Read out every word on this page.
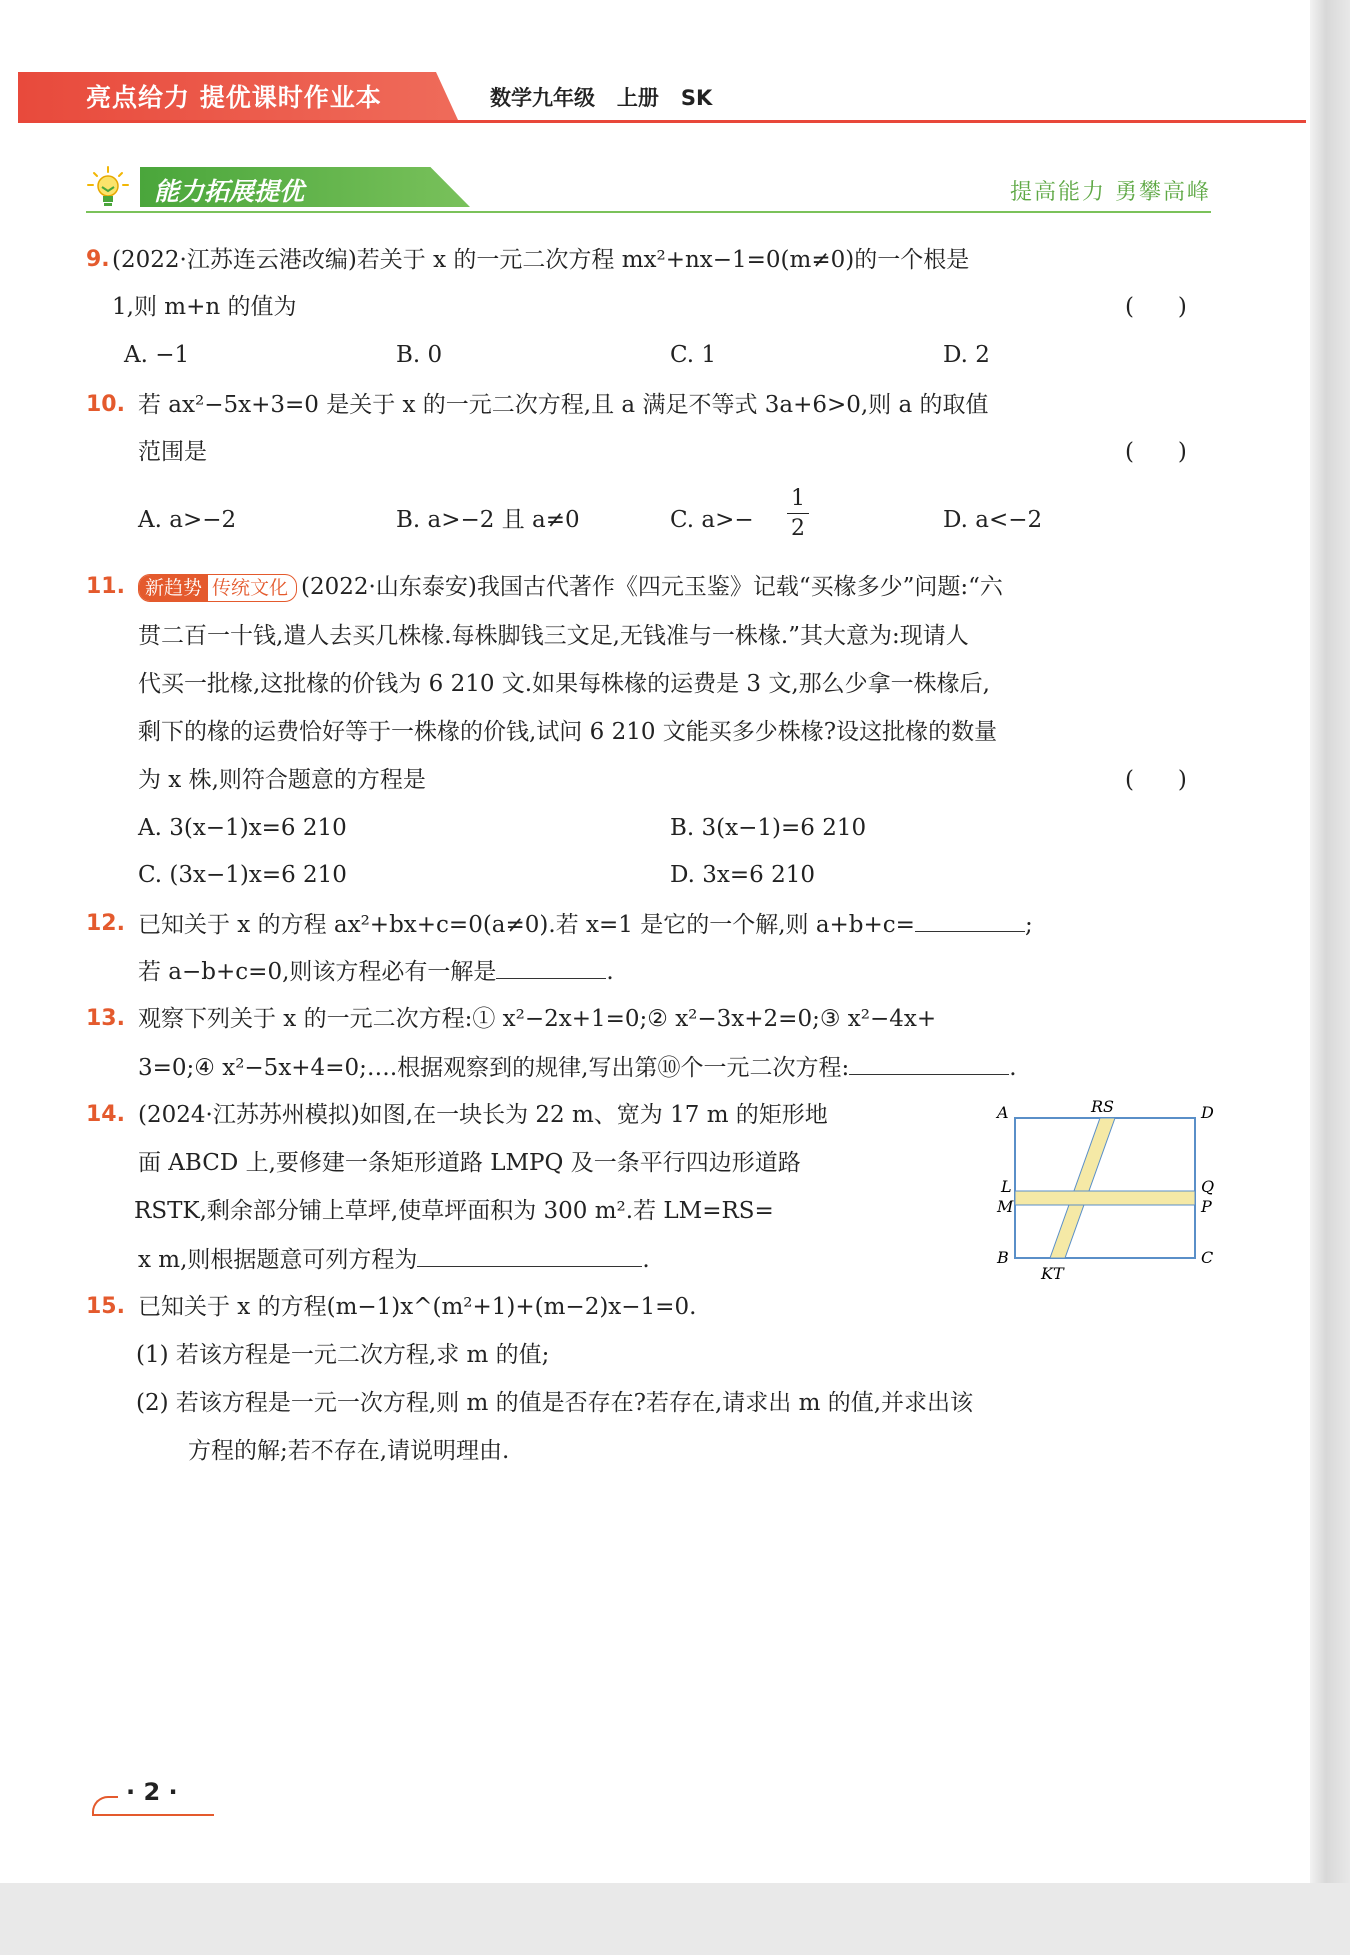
亮点给力 提优课时作业本	数学九年级   上册   SK
能力拓展提优	提高能力 勇攀高峰
9. (2022·江苏连云港改编)若关于 x 的一元二次方程 mx²+nx−1=0(m≠0)的一个根是
1,则 m+n 的值为	(      )
A. −1	B. 0	C. 1	D. 2
10. 若 ax²−5x+3=0 是关于 x 的一元二次方程,且 a 满足不等式 3a+6>0,则 a 的取值
范围是	(      )
A. a>−2	B. a>−2 且 a≠0	C. a>−
1
2	D. a<−2
11.	新趋势 传统文化 (2022·山东泰安)我国古代著作《四元玉鉴》记载“买椽多少”问题:“六
贯二百一十钱,遣人去买几株椽.每株脚钱三文足,无钱准与一株椽.”其大意为:现请人
代买一批椽,这批椽的价钱为 6 210 文.如果每株椽的运费是 3 文,那么少拿一株椽后,
剩下的椽的运费恰好等于一株椽的价钱,试问 6 210 文能买多少株椽?设这批椽的数量
为 x 株,则符合题意的方程是	(      )
A. 3(x−1)x=6 210	B. 3(x−1)=6 210
C. (3x−1)x=6 210	D. 3x=6 210
12. 已知关于 x 的方程 ax²+bx+c=0(a≠0).若 x=1 是它的一个解,则 a+b+c=	;
若 a−b+c=0,则该方程必有一解是	.
13. 观察下列关于 x 的一元二次方程:① x²−2x+1=0;② x²−3x+2=0;③ x²−4x+
3=0;④ x²−5x+4=0;….根据观察到的规律,写出第⑩个一元二次方程:	.
14. (2024·江苏苏州模拟)如图,在一块长为 22 m、宽为 17 m 的矩形地
面 ABCD 上,要修建一条矩形道路 LMPQ 及一条平行四边形道路
RSTK,剩余部分铺上草坪,使草坪面积为 300 m².若 LM=RS=
x m,则根据题意可列方程为	.
A	D
B	C
RS
L
M
Q
P
KT
15. 已知关于 x 的方程(m−1)x^(m²+1)+(m−2)x−1=0.
(1) 若该方程是一元二次方程,求 m 的值;
(2) 若该方程是一元一次方程,则 m 的值是否存在?若存在,请求出 m 的值,并求出该
方程的解;若不存在,请说明理由.
· 2 ·
